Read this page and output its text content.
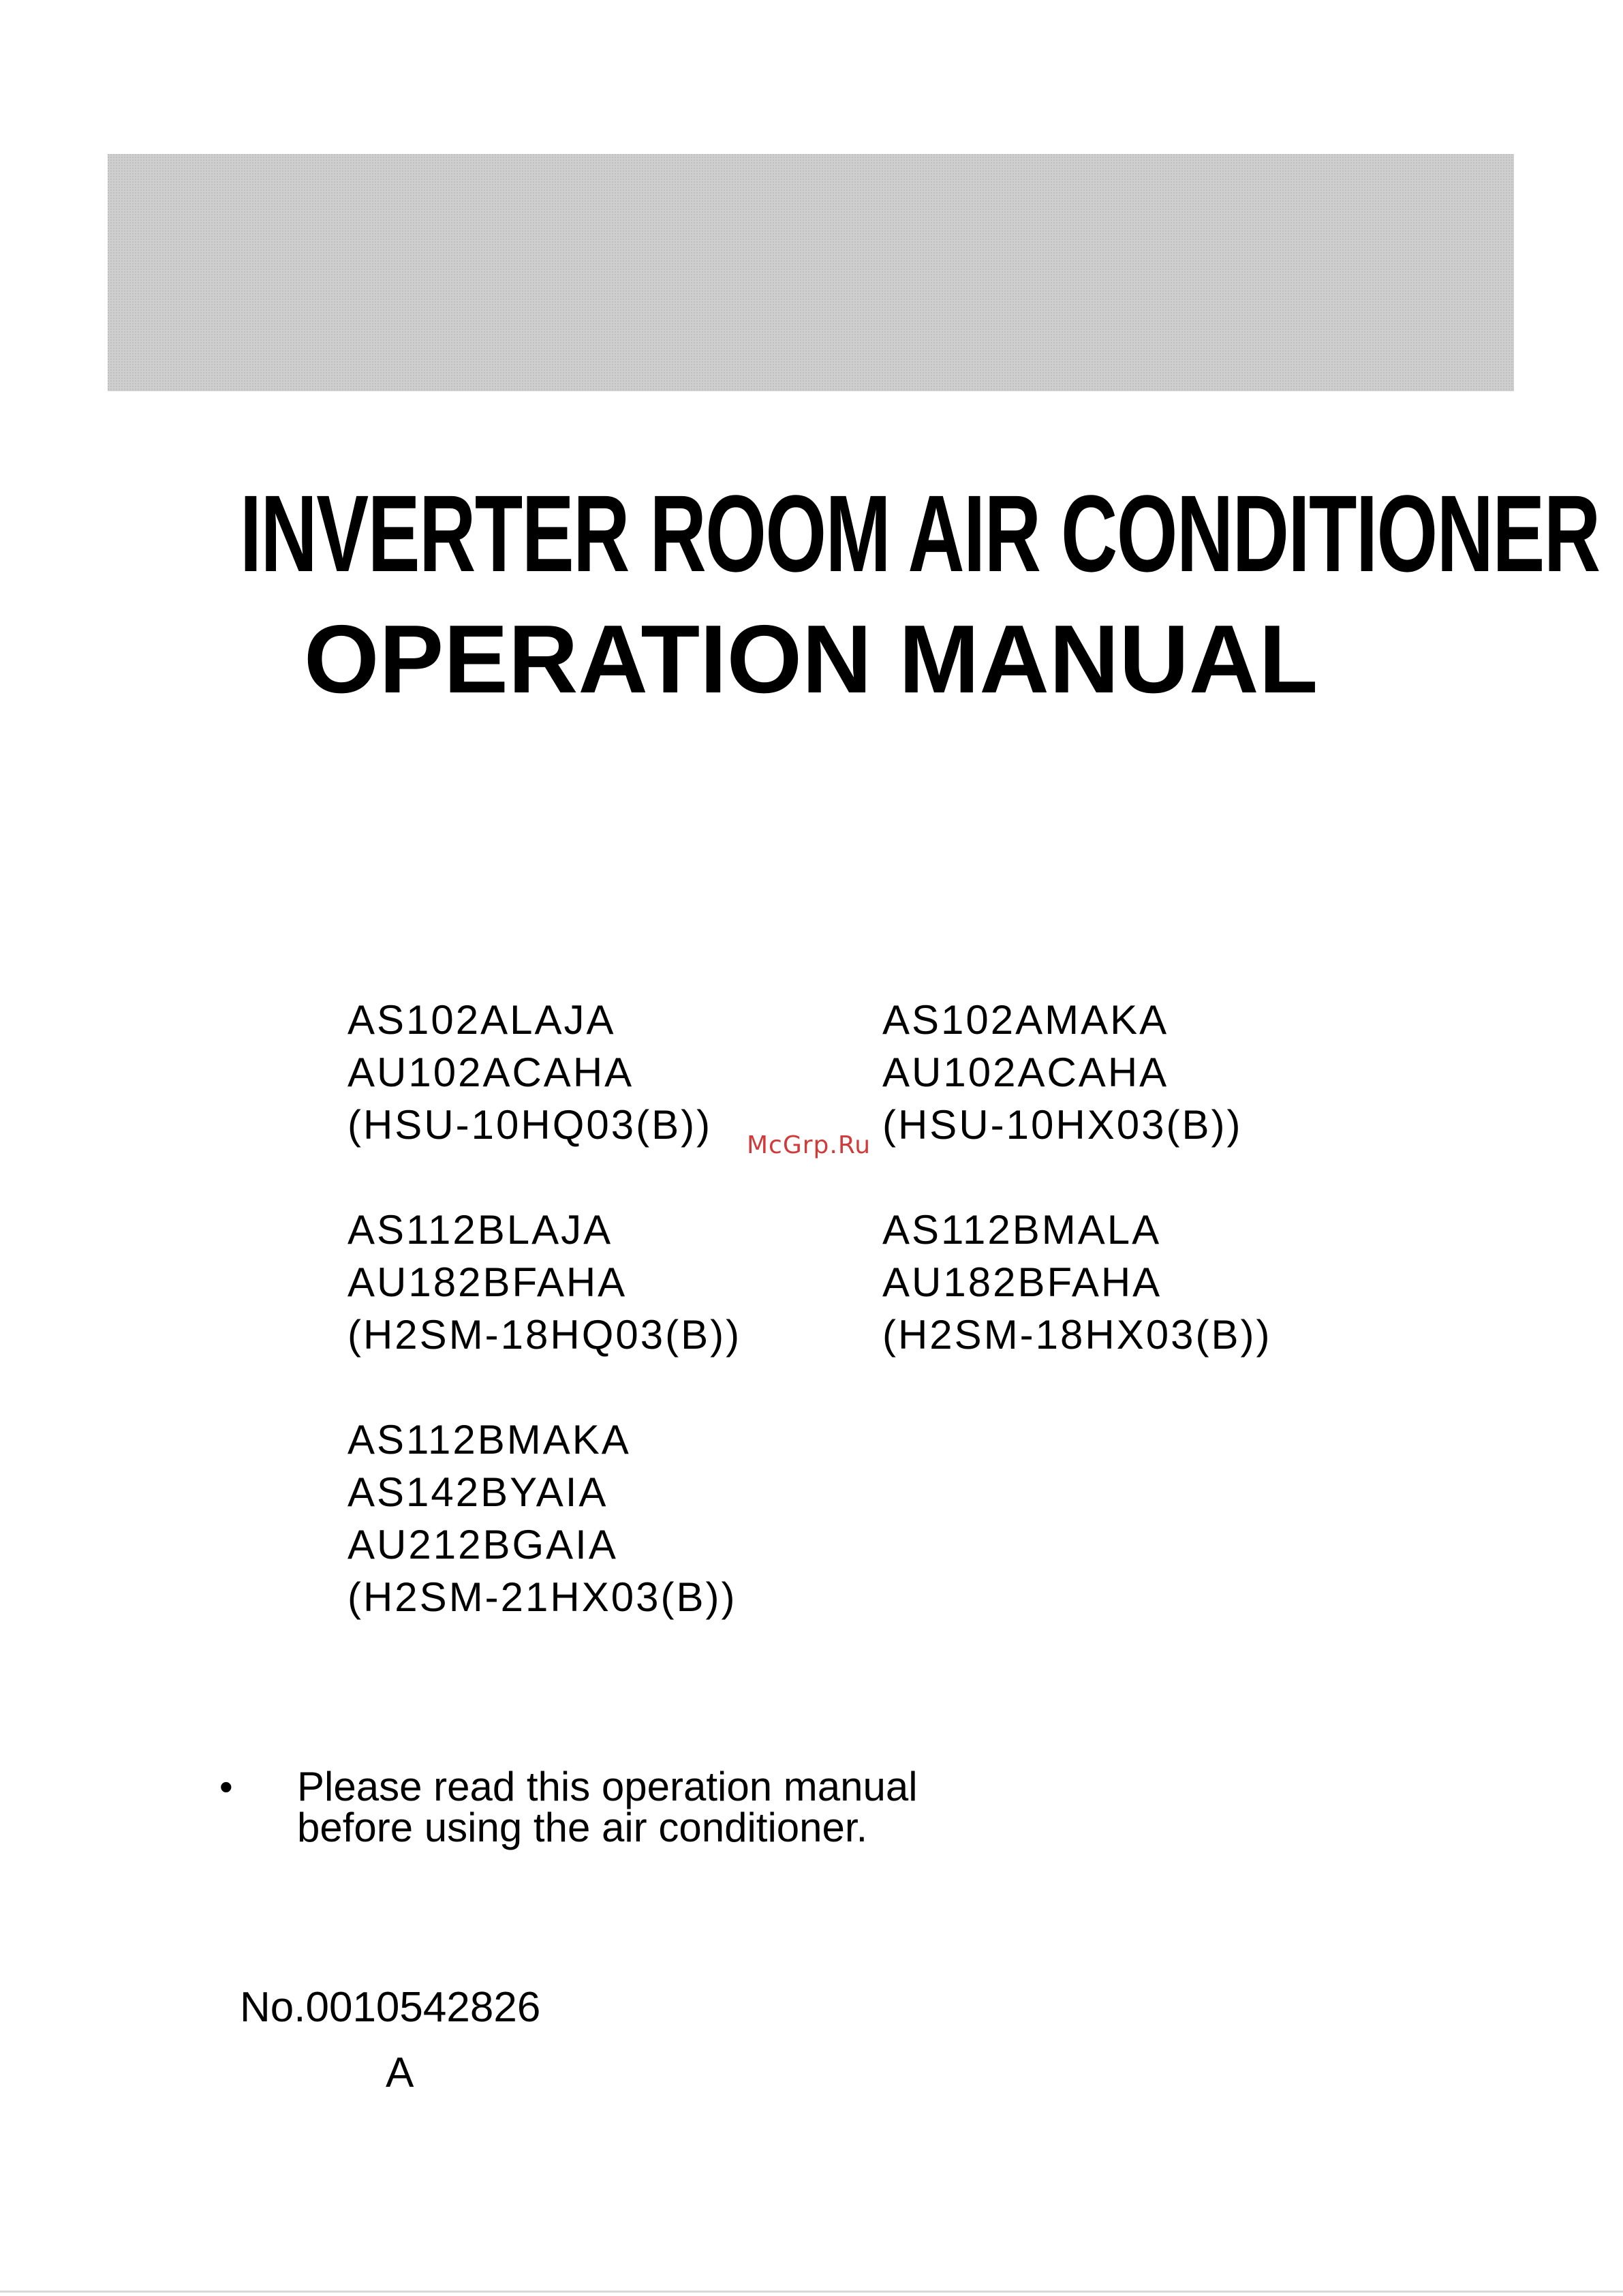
INVERTER ROOM AIR CONDITIONER
OPERATION MANUAL
AS102ALAJA
AU102ACAHA
(HSU-10HQ03(B))
AS102AMAKA
AU102ACAHA
(HSU-10HX03(B))
AS112BLAJA
AU182BFAHA
(H2SM-18HQ03(B))
AS112BMALA
AU182BFAHA
(H2SM-18HX03(B))
AS112BMAKA
AS142BYAIA
AU212BGAIA
(H2SM-21HX03(B))
McGrp.Ru
• Please read this operation manual
before using the air conditioner.
No.0010542826
A
